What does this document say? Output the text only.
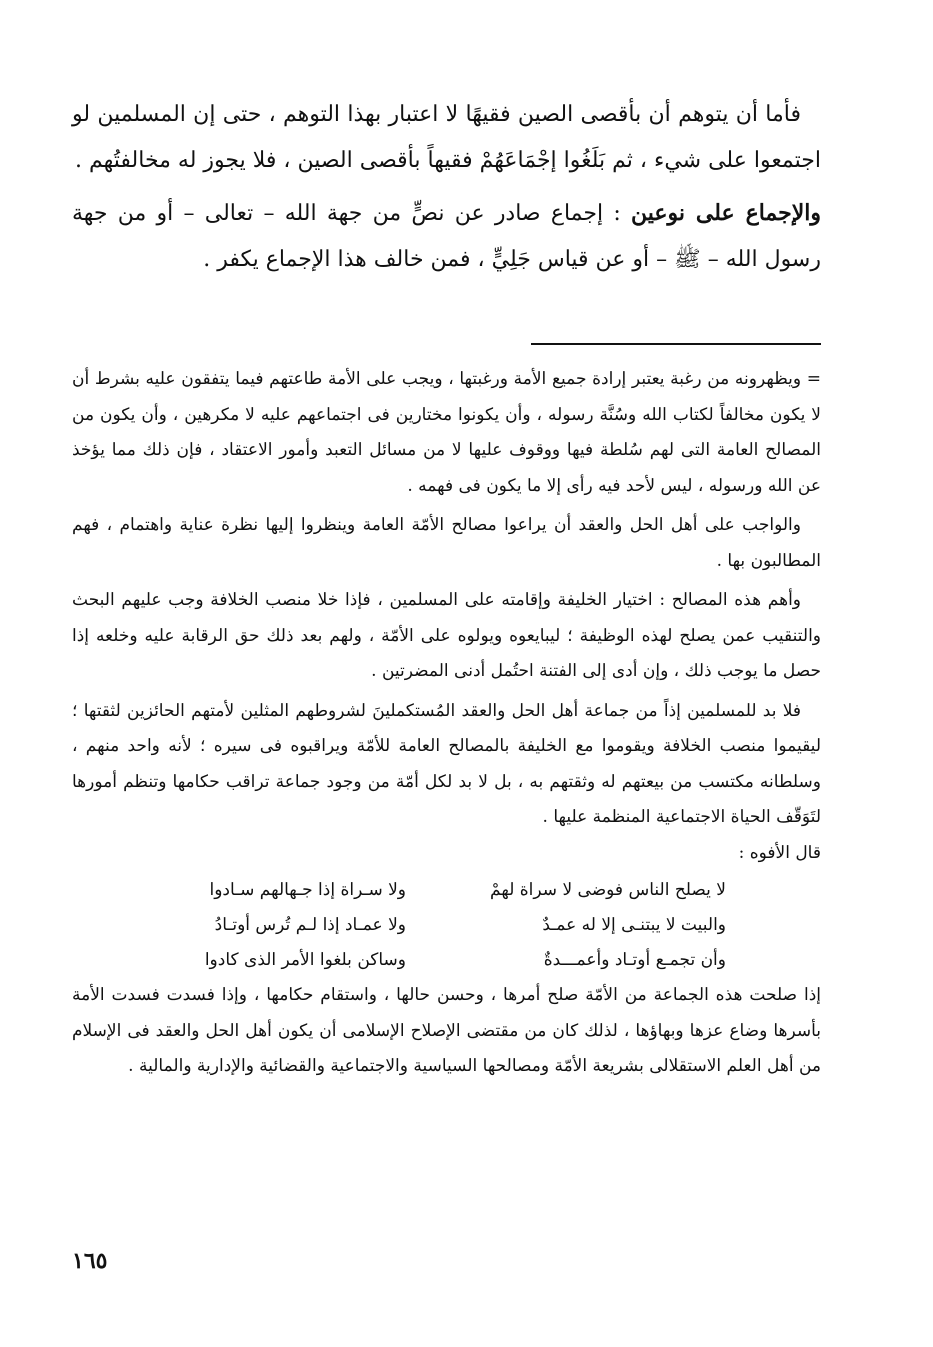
فأما أن يتوهم أن بأقصى الصين فقيهًا لا اعتبار بهذا التوهم ، حتى إن المسلمين لو اجتمعوا على شيء ، ثم بَلَغُوا إجْمَاعَهُمْ فقيهاً بأقصى الصين ، فلا يجوز له مخالفتُهم .

والإجماع على نوعين : إجماع صادر عن نصٍّ من جهة الله – تعالى – أو من جهة رسول الله – ﷺ – أو عن قياس جَلِيٍّ ، فمن خالف هذا الإجماع يكفر .

= ويظهرونه من رغبة يعتبر إرادة جميع الأمة ورغبتها ، ويجب على الأمة طاعتهم فيما يتفقون عليه بشرط أن لا يكون مخالفاً لكتاب الله وسُنَّة رسوله ، وأن يكونوا مختارين فى اجتماعهم عليه لا مكرهين ، وأن يكون من المصالح العامة التى لهم سُلطة فيها ووقوف عليها لا من مسائل التعبد وأمور الاعتقاد ، فإن ذلك مما يؤخذ عن الله ورسوله ، ليس لأحد فيه رأى إلا ما يكون فى فهمه .

والواجب على أهل الحل والعقد أن يراعوا مصالح الأمّة العامة وينظروا إليها نظرة عناية واهتمام ، فهم المطالبون بها .

وأهم هذه المصالح : اختيار الخليفة وإقامته على المسلمين ، فإذا خلا منصب الخلافة وجب عليهم البحث والتنقيب عمن يصلح لهذه الوظيفة ؛ ليبايعوه ويولوه على الأمّة ، ولهم بعد ذلك حق الرقابة عليه وخلعه إذا حصل ما يوجب ذلك ، وإن أدى إلى الفتنة احتُمل أدنى المضرتين .

فلا بد للمسلمين إذاً من جماعة أهل الحل والعقد المُستكملينَ لشروطهم المثلين لأمتهم الحائزين لثقتها ؛ ليقيموا منصب الخلافة ويقوموا مع الخليفة بالمصالح العامة للأمّة ويراقبوه فى سيره ؛ لأنه واحد منهم ، وسلطانه مكتسب من بيعتهم له وثقتهم به ، بل لا بد لكل أمّة من وجود جماعة تراقب حكامها وتنظم أمورها لتَوَقّف الحياة الاجتماعية المنظمة عليها .

قال الأفوه :

لا يصلح الناس فوضى لا سراة لهمْ
ولا سـراة إذا جـهالهم سـادوا
والبيت لا يبتنـى إلا له عمـدٌ
ولا عمـاد إذا لـم تُرس أوتـادُ
وأن تجمـع أوتـاد وأعمـــدةٌ
وساكن بلغوا الأمر الذى كادوا

إذا صلحت هذه الجماعة من الأمّة صلح أمرها ، وحسن حالها ، واستقام حكامها ، وإذا فسدت فسدت الأمة بأسرها وضاع عزها وبهاؤها ، لذلك كان من مقتضى الإصلاح الإسلامى أن يكون أهل الحل والعقد فى الإسلام من أهل العلم الاستقلالى بشريعة الأمّة ومصالحها السياسية والاجتماعية والقضائية والإدارية والمالية .

١٦٥
